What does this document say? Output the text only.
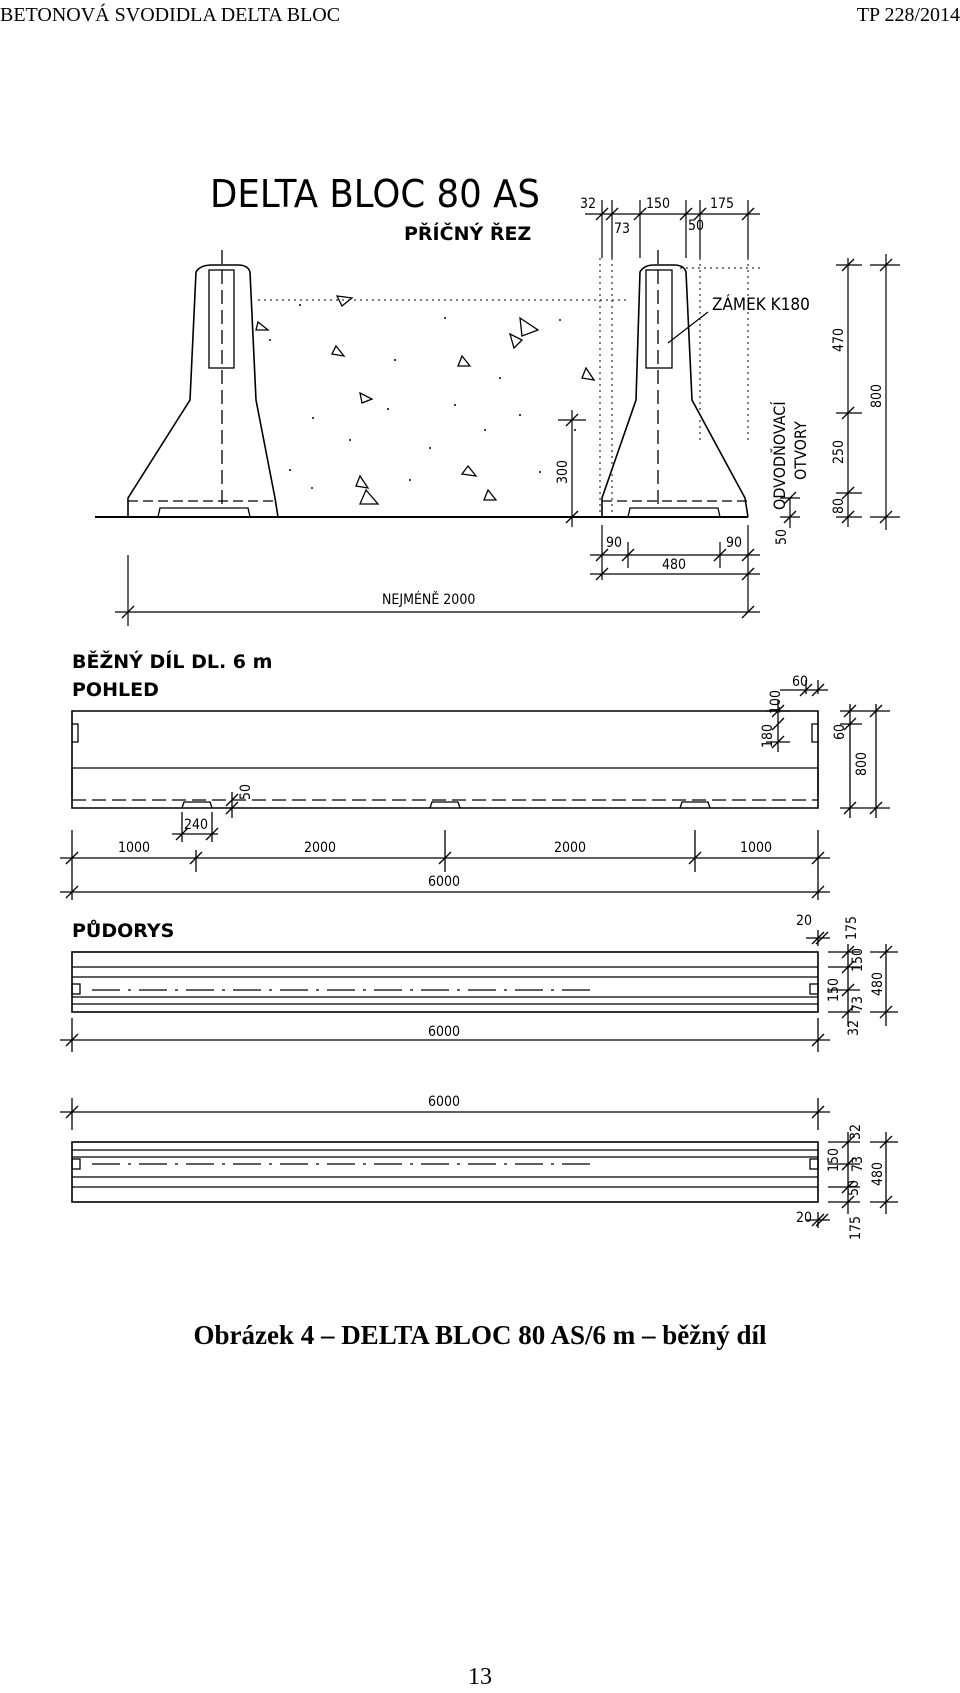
BETONOVÁ SVODIDLA DELTA BLOC	TP 228/2014
DELTA BLOC 80 AS
PŘÍČNÝ ŘEZ
ZÁMEK K180
32	150	175
73	50
470
800
250
80
50
300	ODVODŇOVACÍ OTVORY
90	90
480
NEJMÉNĚ 2000
BĚŽNÝ DÍL DL. 6 m
POHLED	100
60
180	60
800
50
240
1000	2000	2000	1000
6000
PŮDORYS	20 175
150
150
73
32
480
6000
6000
150
32
73
50
480
20	175
Obrázek 4 – DELTA BLOC 80 AS/6 m – běžný díl
13
